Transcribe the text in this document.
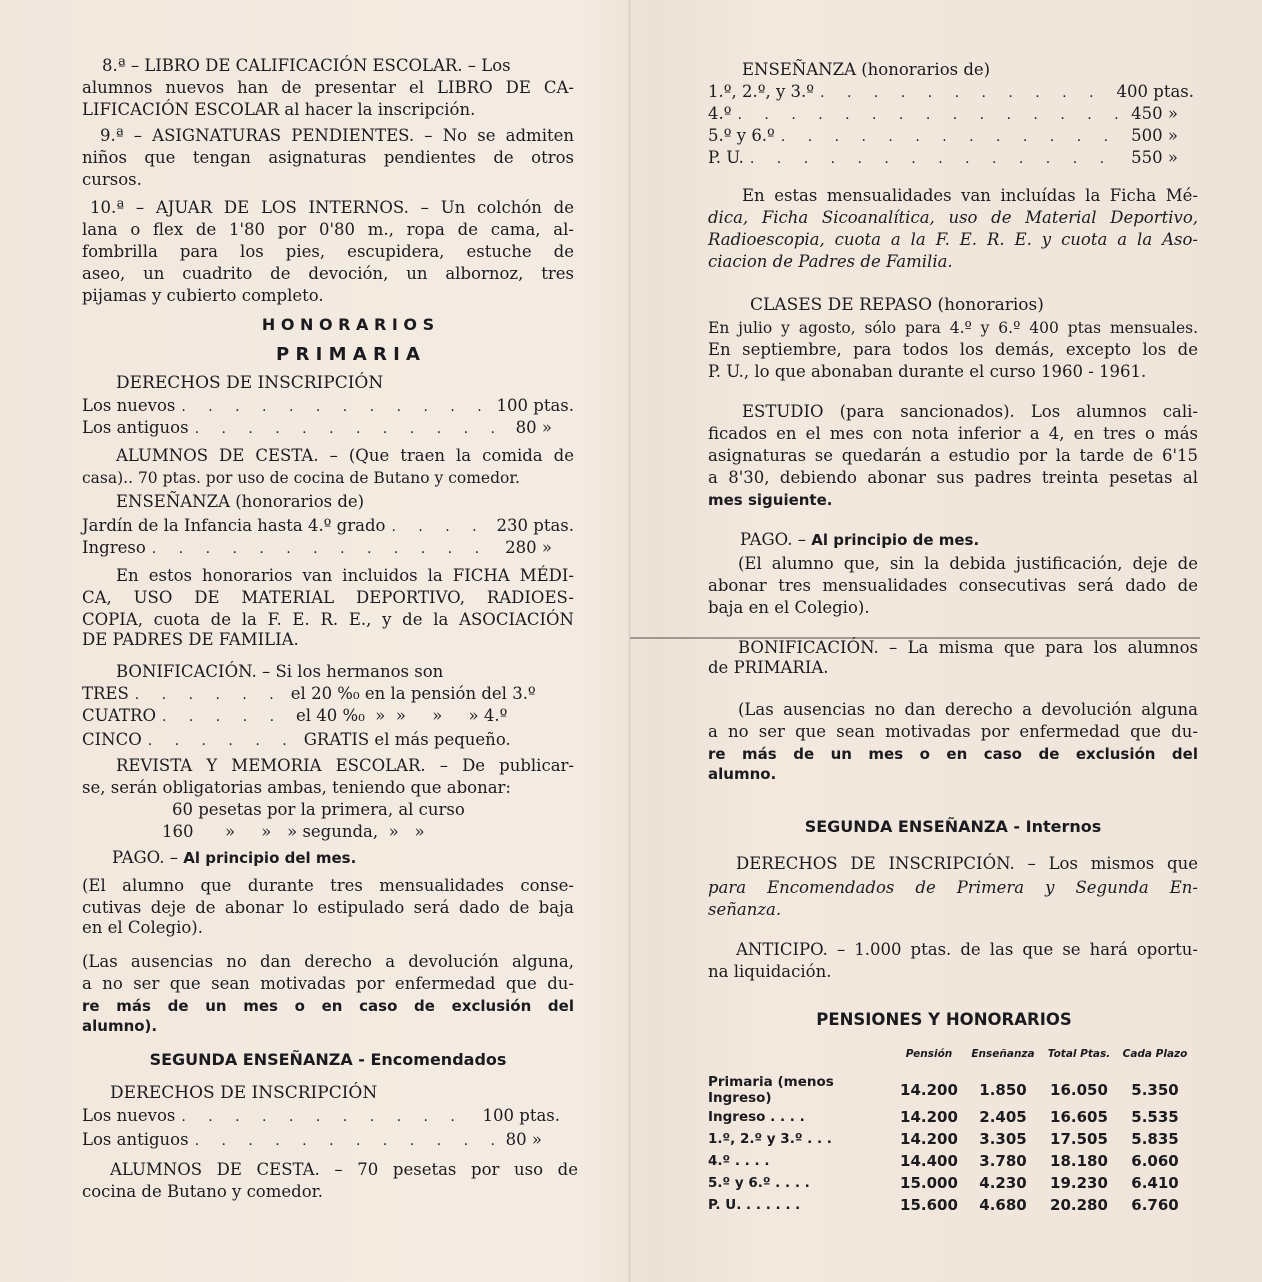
8.ª – LIBRO DE CALIFICACIÓN ESCOLAR. – Los
alumnos nuevos han de presentar el LIBRO DE CA-
LIFICACIÓN ESCOLAR al hacer la inscripción.
9.ª – ASIGNATURAS PENDIENTES. – No se admiten
niños que tengan asignaturas pendientes de otros
cursos.
10.ª – AJUAR DE LOS INTERNOS. – Un colchón de
lana o flex de 1'80 por 0'80 m., ropa de cama, al-
fombrilla para los pies, escupidera, estuche de
aseo, un cuadrito de devoción, un albornoz, tres
pijamas y cubierto completo.
H O N O R A R I O S
P R I M A R I A
DERECHOS DE INSCRIPCIÓN
Los nuevos . . .	100 ptas.
Los antiguos . . .	80 »
ALUMNOS DE CESTA. – (Que traen la comida de
casa).. 70 ptas. por uso de cocina de Butano y comedor.
ENSEÑANZA (honorarios de)
Jardín de la Infancia hasta 4.º grado . . .	230 ptas.
Ingreso . . .	280 »
En estos honorarios van incluidos la FICHA MÉDI-
CA, USO DE MATERIAL DEPORTIVO, RADIOES-
COPIA, cuota de la F. E. R. E., y de la ASOCIACIÓN
DE PADRES DE FAMILIA.
BONIFICACIÓN. – Si los hermanos son
TRES . . .	el 20 %₀ en la pensión del 3.º
CUATRO . . .	el 40 %₀  »  »     »     » 4.º
CINCO . . .	GRATIS el más pequeño.
REVISTA Y MEMORIA ESCOLAR. – De publicar-
se, serán obligatorias ambas, teniendo que abonar:
60 pesetas por la primera, al curso
160      »     »   » segunda,  »   »
PAGO. – Al principio del mes.
(El alumno que durante tres mensualidades conse-
cutivas deje de abonar lo estipulado será dado de baja
en el Colegio).
(Las ausencias no dan derecho a devolución alguna,
a no ser que sean motivadas por enfermedad que du-
re más de un mes o en caso de exclusión del
alumno).
SEGUNDA ENSEÑANZA - Encomendados
DERECHOS DE INSCRIPCIÓN
Los nuevos . . .	100 ptas.
Los antiguos . . .	80 »
ALUMNOS DE CESTA. – 70 pesetas por uso de
cocina de Butano y comedor.
ENSEÑANZA (honorarios de)
1.º, 2.º, y 3.º . . .	400 ptas.
4.º . . .	450 »
5.º y 6.º . . .	500 »
P. U. . . .	550 »
En estas mensualidades van incluídas la Ficha Mé-
dica, Ficha Sicoanalítica, uso de Material Deportivo,
Radioescopia, cuota a la F. E. R. E. y cuota a la Aso-
ciacion de Padres de Familia.
CLASES DE REPASO (honorarios)
En julio y agosto, sólo para 4.º y 6.º 400 ptas mensuales.
En septiembre, para todos los demás, excepto los de
P. U., lo que abonaban durante el curso 1960 - 1961.
ESTUDIO (para sancionados). Los alumnos cali-
ficados en el mes con nota inferior a 4, en tres o más
asignaturas se quedarán a estudio por la tarde de 6'15
a 8'30, debiendo abonar sus padres treinta pesetas al
mes siguiente.
PAGO. – Al principio de mes.
(El alumno que, sin la debida justificación, deje de
abonar tres mensualidades consecutivas será dado de
baja en el Colegio).
BONIFICACIÓN. – La misma que para los alumnos
de PRIMARIA.
(Las ausencias no dan derecho a devolución alguna
a no ser que sean motivadas por enfermedad que du-
re más de un mes o en caso de exclusión del
alumno.
SEGUNDA ENSEÑANZA - Internos
DERECHOS DE INSCRIPCIÓN. – Los mismos que
para Encomendados de Primera y Segunda En-
señanza.
ANTICIPO. – 1.000 ptas. de las que se hará oportu-
na liquidación.
PENSIONES Y HONORARIOS
	Pensión	Enseñanza	Total Ptas.	Cada Plazo
Primaria (menos Ingreso)	14.200	1.850	16.050	5.350
Ingreso . . . .	14.200	2.405	16.605	5.535
1.º, 2.º y 3.º . . .	14.200	3.305	17.505	5.835
4.º . . . .	14.400	3.780	18.180	6.060
5.º y 6.º . . . .	15.000	4.230	19.230	6.410
P. U. . . . . . .	15.600	4.680	20.280	6.760
